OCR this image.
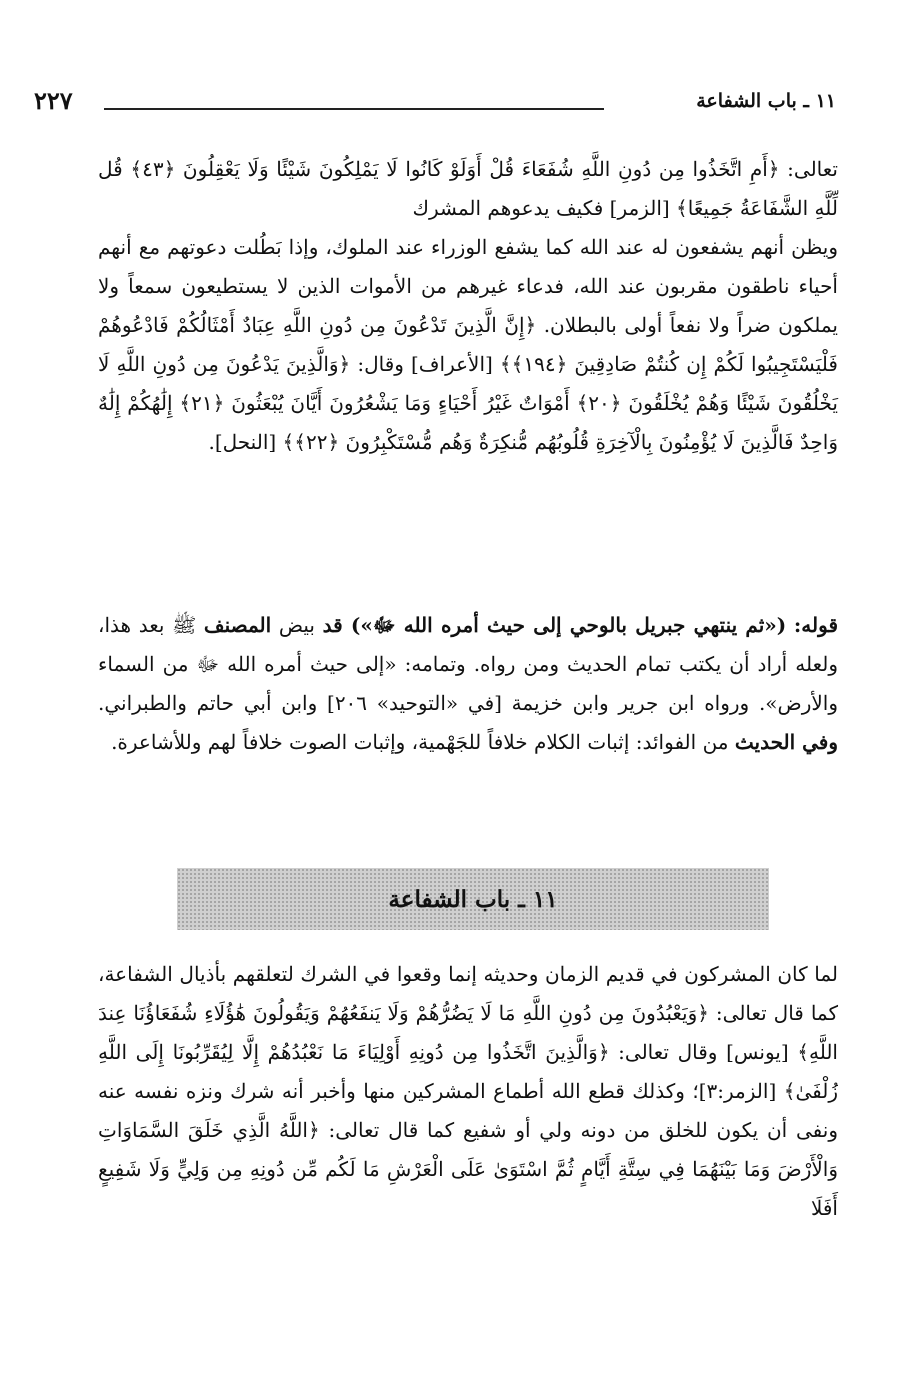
١١ ـ باب الشفاعة
٢٢٧

تعالى: ﴿أَمِ اتَّخَذُوا مِن دُونِ اللَّهِ شُفَعَاءَ قُلْ أَوَلَوْ كَانُوا لَا يَمْلِكُونَ شَيْئًا وَلَا يَعْقِلُونَ ﴿٤٣﴾ قُل لِّلَّهِ الشَّفَاعَةُ جَمِيعًا﴾ [الزمر] فكيف يدعوهم المشرك

ويظن أنهم يشفعون له عند الله كما يشفع الوزراء عند الملوك، وإذا بَطُلت دعوتهم مع أنهم أحياء ناطقون مقربون عند الله، فدعاء غيرهم من الأموات الذين لا يستطيعون سمعاً ولا يملكون ضراً ولا نفعاً أولى بالبطلان. ﴿إِنَّ الَّذِينَ تَدْعُونَ مِن دُونِ اللَّهِ عِبَادٌ أَمْثَالُكُمْ فَادْعُوهُمْ فَلْيَسْتَجِيبُوا لَكُمْ إِن كُنتُمْ صَادِقِينَ ﴿١٩٤﴾﴾ [الأعراف] وقال: ﴿وَالَّذِينَ يَدْعُونَ مِن دُونِ اللَّهِ لَا يَخْلُقُونَ شَيْئًا وَهُمْ يُخْلَقُونَ ﴿٢٠﴾ أَمْوَاتٌ غَيْرُ أَحْيَاءٍ وَمَا يَشْعُرُونَ أَيَّانَ يُبْعَثُونَ ﴿٢١﴾ إِلَٰهُكُمْ إِلَٰهٌ وَاحِدٌ فَالَّذِينَ لَا يُؤْمِنُونَ بِالْآخِرَةِ قُلُوبُهُم مُّنكِرَةٌ وَهُم مُّسْتَكْبِرُونَ ﴿٢٢﴾﴾ [النحل].

قوله: («ثم ينتهي جبريل بالوحي إلى حيث أمره الله ﷻ») قد بيض المصنف ﷺ بعد هذا، ولعله أراد أن يكتب تمام الحديث ومن رواه. وتمامه: «إلى حيث أمره الله ﷻ من السماء والأرض». ورواه ابن جرير وابن خزيمة [في «التوحيد» ٢٠٦] وابن أبي حاتم والطبراني. وفي الحديث من الفوائد: إثبات الكلام خلافاً للجَهْمية، وإثبات الصوت خلافاً لهم وللأشاعرة.

١١ ـ باب الشفاعة

لما كان المشركون في قديم الزمان وحديثه إنما وقعوا في الشرك لتعلقهم بأذيال الشفاعة، كما قال تعالى: ﴿وَيَعْبُدُونَ مِن دُونِ اللَّهِ مَا لَا يَضُرُّهُمْ وَلَا يَنفَعُهُمْ وَيَقُولُونَ هَٰؤُلَاءِ شُفَعَاؤُنَا عِندَ اللَّهِ﴾ [يونس] وقال تعالى: ﴿وَالَّذِينَ اتَّخَذُوا مِن دُونِهِ أَوْلِيَاءَ مَا نَعْبُدُهُمْ إِلَّا لِيُقَرِّبُونَا إِلَى اللَّهِ زُلْفَىٰ﴾ [الزمر:٣]؛ وكذلك قطع الله أطماع المشركين منها وأخبر أنه شرك ونزه نفسه عنه ونفى أن يكون للخلق من دونه ولي أو شفيع كما قال تعالى: ﴿اللَّهُ الَّذِي خَلَقَ السَّمَاوَاتِ وَالْأَرْضَ وَمَا بَيْنَهُمَا فِي سِتَّةِ أَيَّامٍ ثُمَّ اسْتَوَىٰ عَلَى الْعَرْشِ مَا لَكُم مِّن دُونِهِ مِن وَلِيٍّ وَلَا شَفِيعٍ أَفَلَا
